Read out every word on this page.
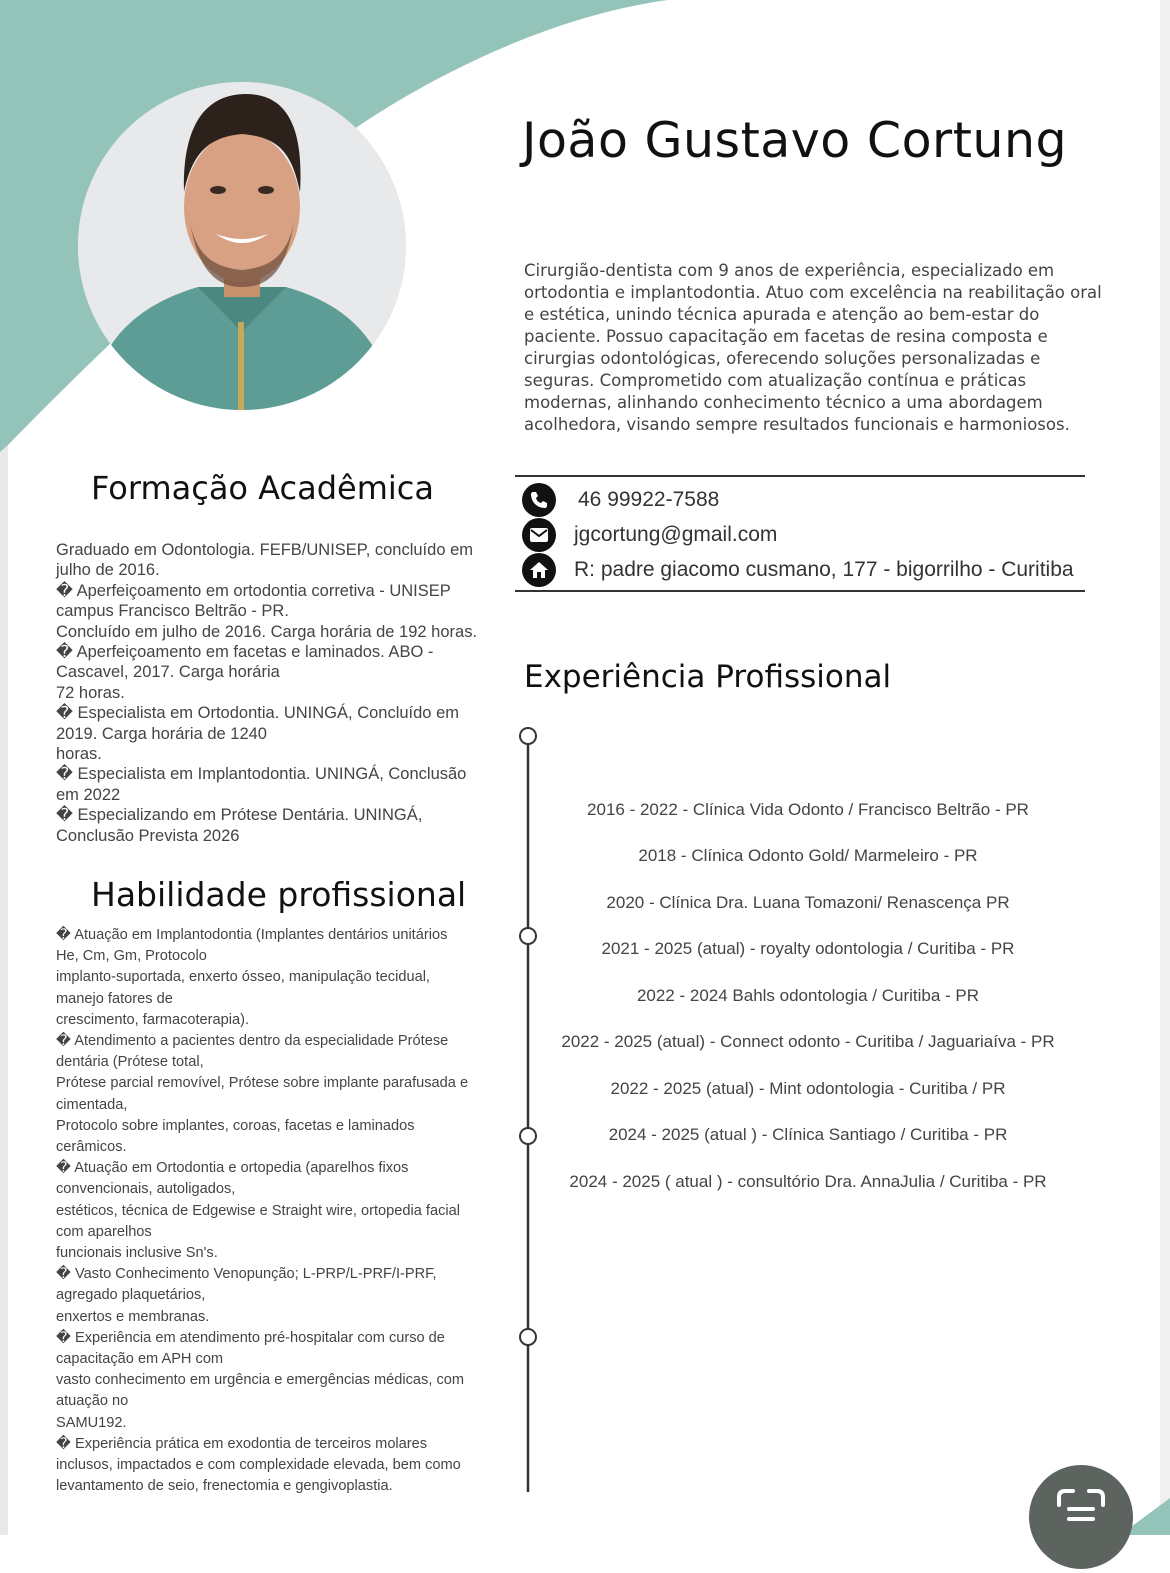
João Gustavo Cortung

Cirurgião-dentista com 9 anos de experiência, especializado em ortodontia e implantodontia. Atuo com excelência na reabilitação oral e estética, unindo técnica apurada e atenção ao bem-estar do paciente. Possuo capacitação em facetas de resina composta e cirurgias odontológicas, oferecendo soluções personalizadas e seguras. Comprometido com atualização contínua e práticas modernas, alinhando conhecimento técnico a uma abordagem acolhedora, visando sempre resultados funcionais e harmoniosos.

46 99922-7588
jgcortung@gmail.com
R: padre giacomo cusmano, 177 - bigorrilho - Curitiba
Formação Acadêmica
Graduado em Odontologia. FEFB/UNISEP, concluído em
julho de 2016.
� Aperfeiçoamento em ortodontia corretiva - UNISEP
campus Francisco Beltrão - PR.
Concluído em julho de 2016. Carga horária de 192 horas.
� Aperfeiçoamento em facetas e laminados. ABO -
Cascavel, 2017. Carga horária
72 horas.
� Especialista em Ortodontia. UNINGÁ, Concluído em
2019. Carga horária de 1240
horas.
� Especialista em Implantodontia. UNINGÁ, Conclusão
em 2022
� Especializando em Prótese Dentária. UNINGÁ,
Conclusão Prevista 2026
Habilidade profissional
� Atuação em Implantodontia (Implantes dentários unitários
He, Cm, Gm, Protocolo
implanto-suportada, enxerto ósseo, manipulação tecidual,
manejo fatores de
crescimento, farmacoterapia).
� Atendimento a pacientes dentro da especialidade Prótese
dentária (Prótese total,
Prótese parcial removível, Prótese sobre implante parafusada e
cimentada,
Protocolo sobre implantes, coroas, facetas e laminados
cerâmicos.
� Atuação em Ortodontia e ortopedia (aparelhos fixos
convencionais, autoligados,
estéticos, técnica de Edgewise e Straight wire, ortopedia facial
com aparelhos
funcionais inclusive Sn's.
� Vasto Conhecimento Venopunção; L-PRP/L-PRF/I-PRF,
agregado plaquetários,
enxertos e membranas.
� Experiência em atendimento pré-hospitalar com curso de
capacitação em APH com
vasto conhecimento em urgência e emergências médicas, com
atuação no
SAMU192.
� Experiência prática em exodontia de terceiros molares
inclusos, impactados e com complexidade elevada, bem como
levantamento de seio, frenectomia e gengivoplastia.
Experiência Profissional
2016 - 2022 - Clínica Vida Odonto / Francisco Beltrão - PR
2018 - Clínica Odonto Gold/ Marmeleiro - PR
2020 - Clínica Dra. Luana Tomazoni/ Renascença PR
2021 - 2025 (atual) - royalty odontologia / Curitiba - PR
2022 - 2024 Bahls odontologia / Curitiba - PR
2022 - 2025 (atual) - Connect odonto - Curitiba / Jaguariaíva - PR
2022 - 2025 (atual) - Mint odontologia - Curitiba / PR
2024 - 2025 (atual ) - Clínica Santiago / Curitiba - PR
2024 - 2025 ( atual ) - consultório Dra. AnnaJulia / Curitiba - PR
